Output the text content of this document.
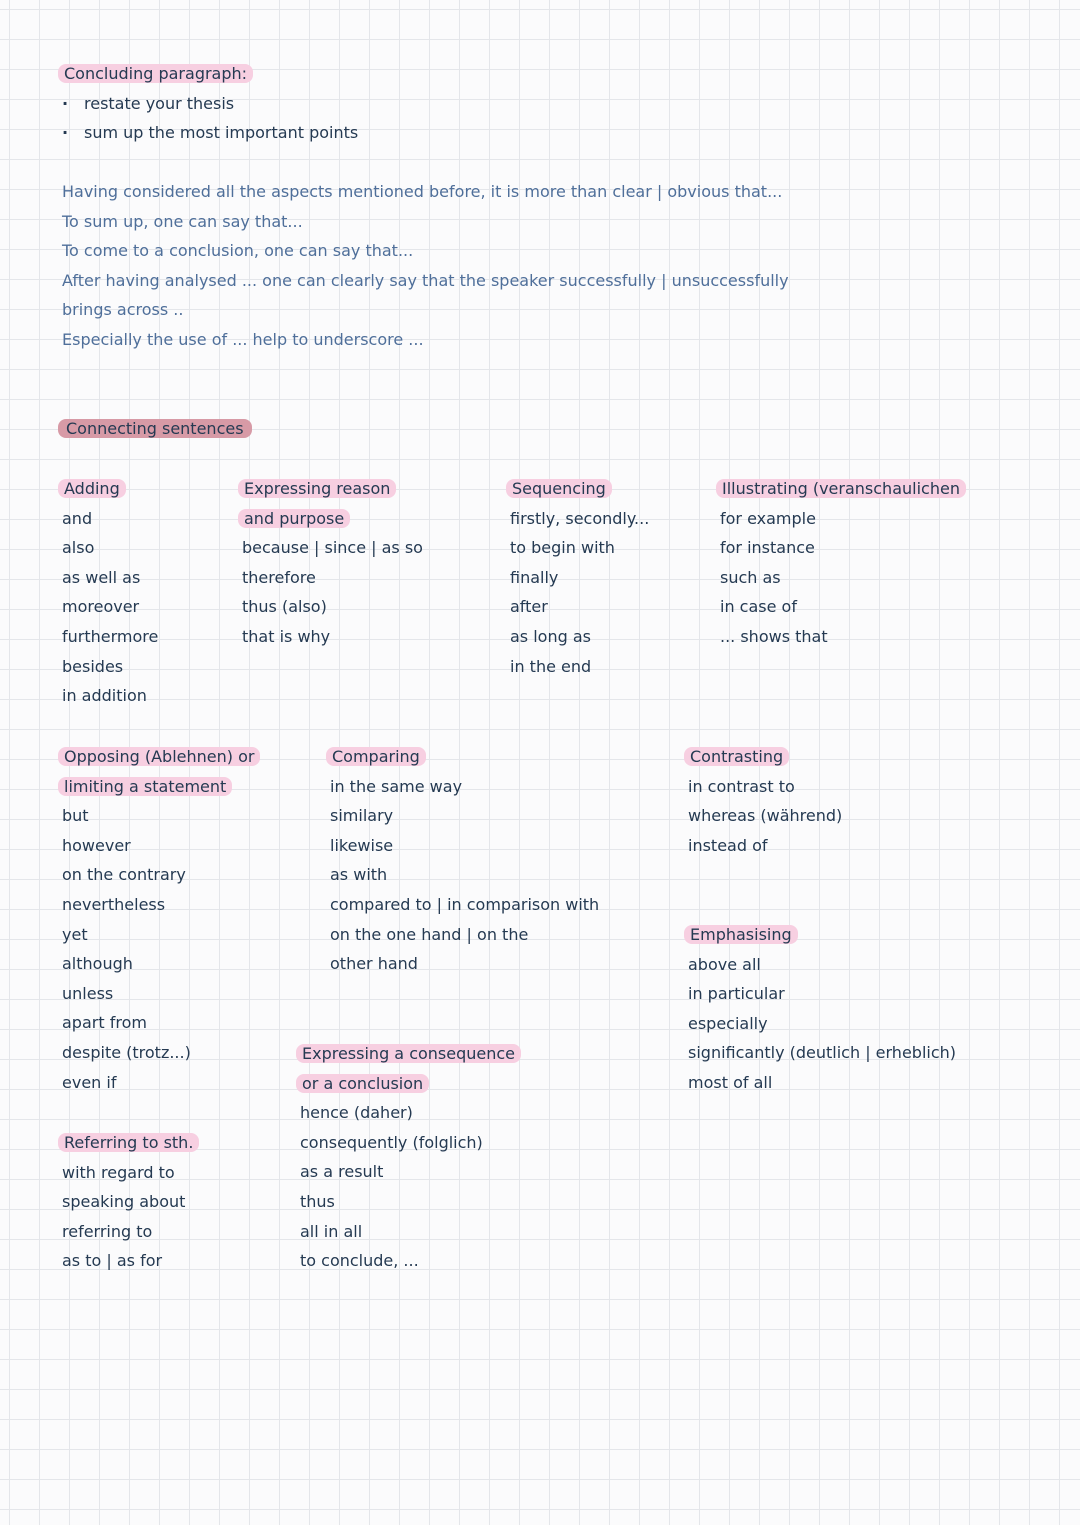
Concluding paragraph:
· restate your thesis
· sum up the most important points
Having considered all the aspects mentioned before, it is more than clear | obvious that...
To sum up, one can say that...
To come to a conclusion, one can say that...
After having analysed ... one can clearly say that the speaker successfully | unsuccessfully
brings across ..
Especially the use of ... help to underscore ...
Connecting sentences
Adding
and
also
as well as
moreover
furthermore
besides
in addition
Expressing reason
and purpose
because | since | as so
therefore
thus (also)
that is why
Sequencing
firstly, secondly...
to begin with
finally
after
as long as
in the end
Illustrating (veranschaulichen
for example
for instance
such as
in case of
... shows that
Opposing (Ablehnen) or
limiting a statement
but
however
on the contrary
nevertheless
yet
although
unless
apart from
despite (trotz...)
even if
Comparing
in the same way
similary
likewise
as with
compared to | in comparison with
on the one hand | on the
other hand
Contrasting
in contrast to
whereas (während)
instead of
Emphasising
above all
in particular
especially
significantly (deutlich | erheblich)
most of all
Expressing a consequence
or a conclusion
hence (daher)
consequently (folglich)
as a result
thus
all in all
to conclude, ...
Referring to sth.
with regard to
speaking about
referring to
as to | as for
